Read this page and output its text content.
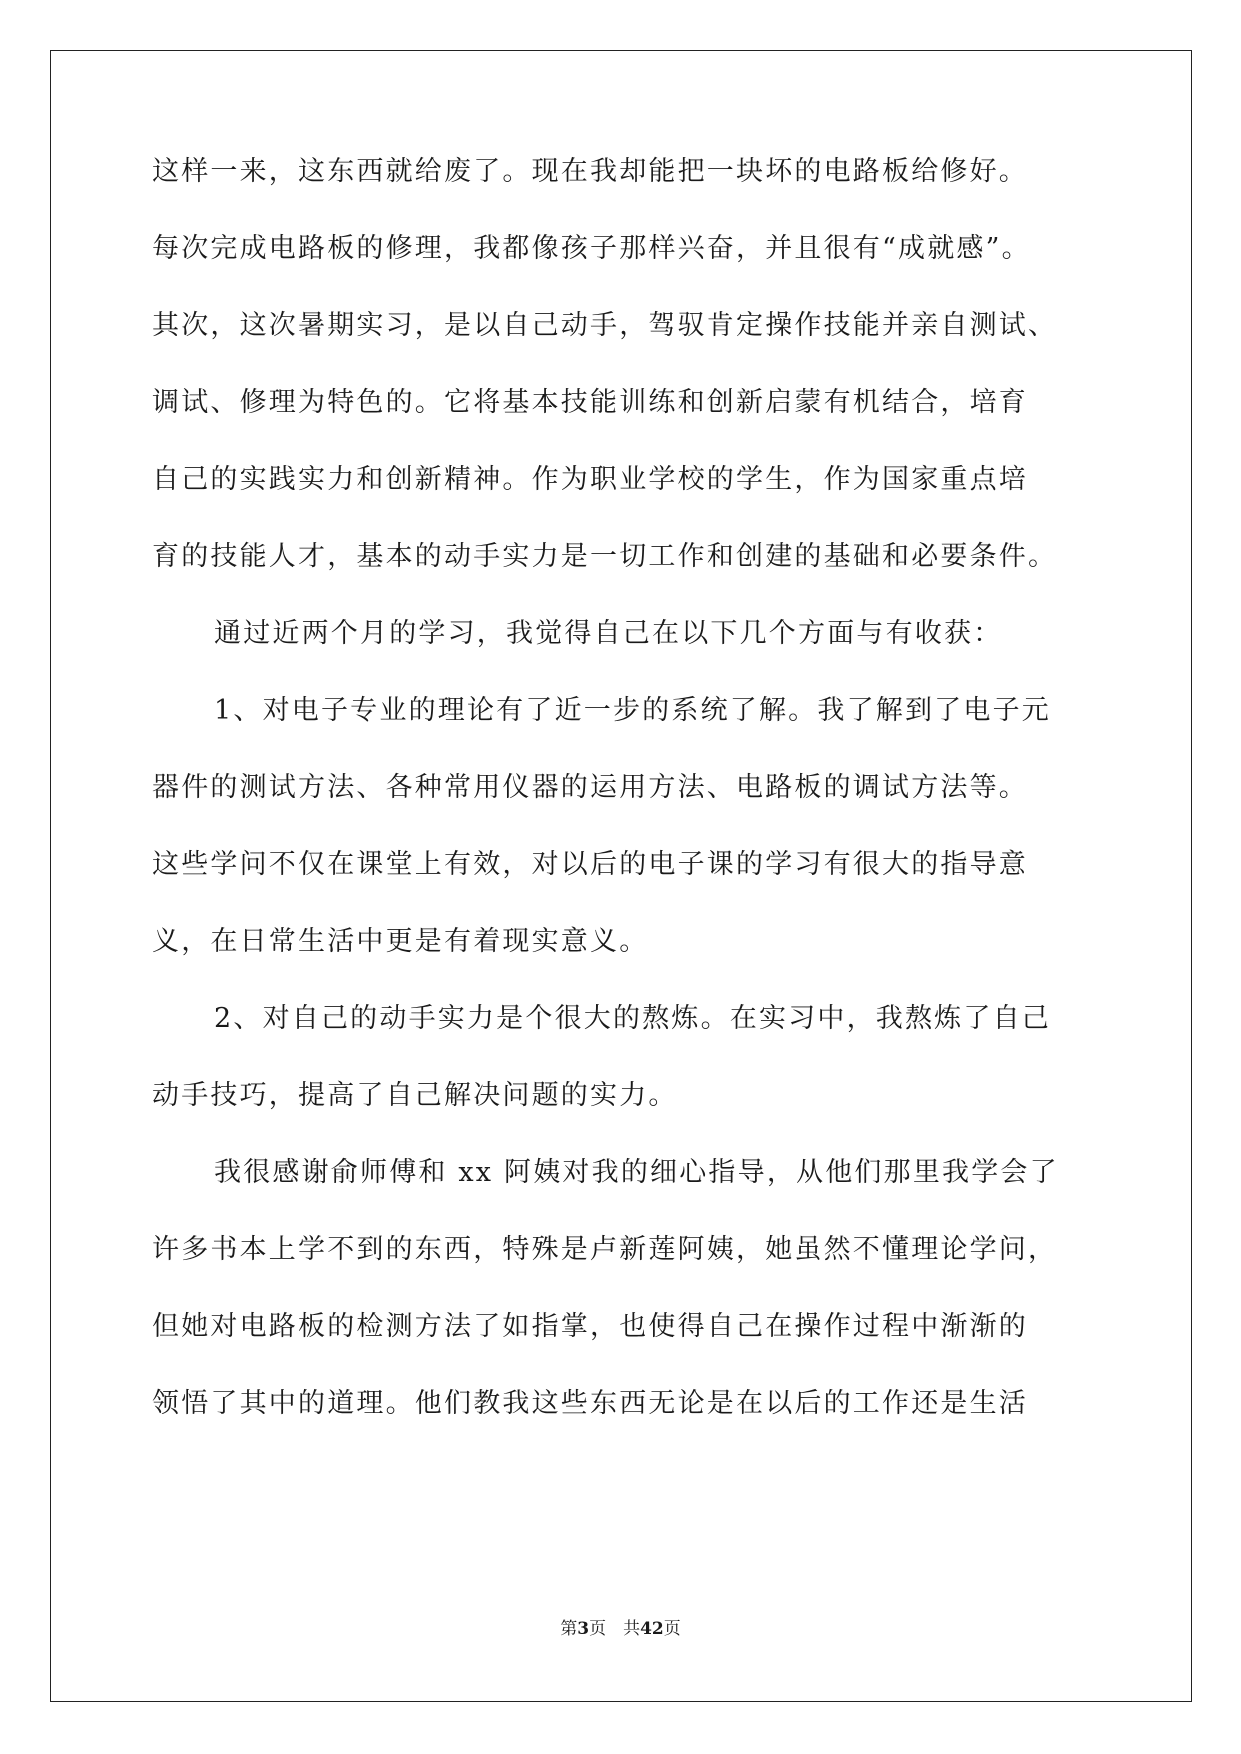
这样一来，这东西就给废了。现在我却能把一块坏的电路板给修好。
每次完成电路板的修理，我都像孩子那样兴奋，并且很有“成就感”。
其次，这次暑期实习，是以自己动手，驾驭肯定操作技能并亲自测试、
调试、修理为特色的。它将基本技能训练和创新启蒙有机结合，培育
自己的实践实力和创新精神。作为职业学校的学生，作为国家重点培
育的技能人才，基本的动手实力是一切工作和创建的基础和必要条件。
通过近两个月的学习，我觉得自己在以下几个方面与有收获：
1、对电子专业的理论有了近一步的系统了解。我了解到了电子元
器件的测试方法、各种常用仪器的运用方法、电路板的调试方法等。
这些学问不仅在课堂上有效，对以后的电子课的学习有很大的指导意
义，在日常生活中更是有着现实意义。
2、对自己的动手实力是个很大的熬炼。在实习中，我熬炼了自己
动手技巧，提高了自己解决问题的实力。
我很感谢俞师傅和 xx 阿姨对我的细心指导，从他们那里我学会了
许多书本上学不到的东西，特殊是卢新莲阿姨，她虽然不懂理论学问，
但她对电路板的检测方法了如指掌，也使得自己在操作过程中渐渐的
领悟了其中的道理。他们教我这些东西无论是在以后的工作还是生活
第3页　共42页
